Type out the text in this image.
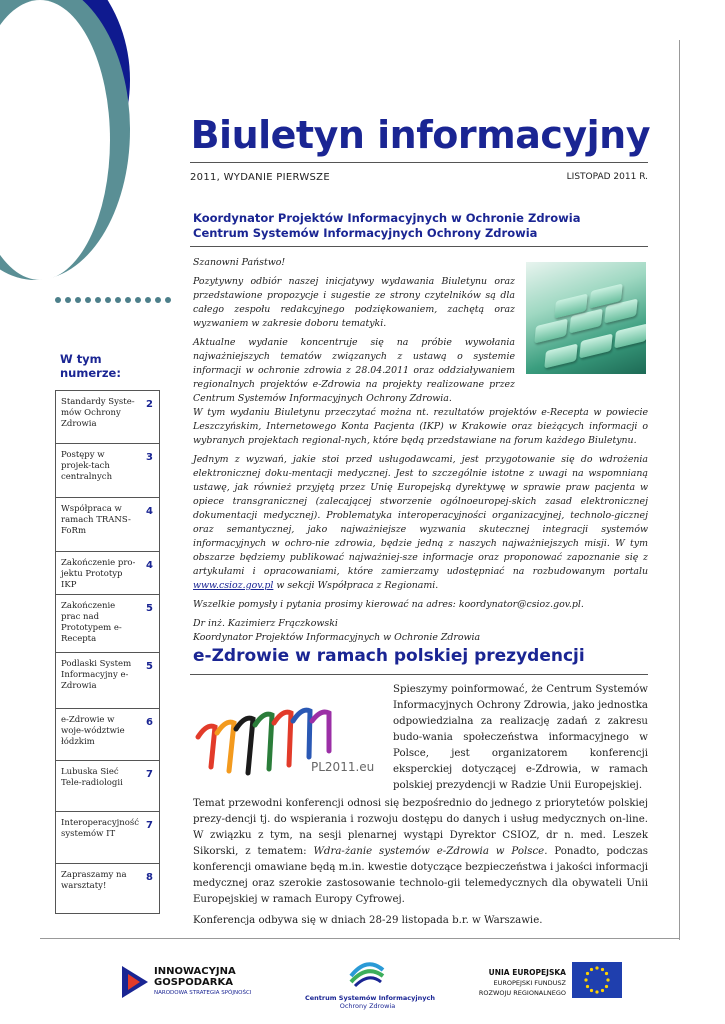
Biuletyn informacyjny
2011, WYDANIE PIERWSZE	LISTOPAD 2011 R.
Koordynator Projektów Informacyjnych w Ochronie Zdrowia
Centrum Systemów Informacyjnych Ochrony Zdrowia
W tym
numerze:
Standardy Syste-mów Ochrony Zdrowia
2
Postępy w projek-tach centralnych
3
Współpraca w ramach TRANS-FoRm
4
Zakończenie pro-jektu Prototyp IKP
4
Zakończenie prac nad Prototypem e-Recepta
5
Podlaski System Informacyjny e-Zdrowia
5
e-Zdrowie w woje-wództwie łódzkim
6
Lubuska Sieć Tele-radiologii
7
Interoperacyjność systemów IT
7
Zapraszamy na warsztaty!
8

Szanowni Państwo!

Pozytywny odbiór naszej inicjatywy wydawania Biuletynu oraz przedstawione propozycje i sugestie ze strony czytelników są dla całego zespołu redakcyjnego podziękowaniem, zachętą oraz wyzwaniem w zakresie doboru tematyki.

Aktualne wydanie koncentruje się na próbie wywołania najważniejszych tematów związanych z ustawą o systemie informacji w ochronie zdrowia z 28.04.2011 oraz oddziaływaniem regionalnych projektów e-Zdrowia na projekty realizowane przez Centrum Systemów Informacyjnych Ochrony Zdrowia.

W tym wydaniu Biuletynu przeczytać można nt. rezultatów projektów e-Recepta w powiecie Leszczyńskim, Internetowego Konta Pacjenta (IKP) w Krakowie oraz bieżących informacji o wybranych projektach regional-nych, które będą przedstawiane na forum każdego Biuletynu.

Jednym z wyzwań, jakie stoi przed usługodawcami, jest przygotowanie się do wdrożenia elektronicznej doku-mentacji medycznej. Jest to szczególnie istotne z uwagi na wspomnianą ustawę, jak również przyjętą przez Unię Europejską dyrektywę w sprawie praw pacjenta w opiece transgranicznej (zalecającej stworzenie ogólnoeuropej-skich zasad elektronicznej dokumentacji medycznej). Problematyka interoperacyjności organizacyjnej, technolo-gicznej oraz semantycznej, jako najważniejsze wyzwania skutecznej integracji systemów informacyjnych w ochro-nie zdrowia, będzie jedną z naszych najważniejszych misji. W tym obszarze będziemy publikować najważniej-sze informacje oraz proponować zapoznanie się z artykułami i opracowaniami, które zamierzamy udostępniać na rozbudowanym portalu www.csioz.gov.pl w sekcji Współpraca z Regionami.

Wszelkie pomysły i pytania prosimy kierować na adres: koordynator@csioz.gov.pl.

Dr inż. Kazimierz Frączkowski

Koordynator Projektów Informacyjnych w Ochronie Zdrowia

e-Zdrowie w ramach polskiej prezydencji
PL2011.eu
Spieszymy poinformować, że Centrum Systemów Informacyjnych Ochrony Zdrowia, jako jednostka odpowiedzialna za realizację zadań z zakresu budo-wania społeczeństwa informacyjnego w Polsce, jest organizatorem konferencji eksperckiej dotyczącej e-Zdrowia, w ramach polskiej prezydencji w Radzie Unii Europejskiej.

Temat przewodni konferencji odnosi się bezpośrednio do jednego z priorytetów polskiej prezy-dencji tj. do wspierania i rozwoju dostępu do danych i usług medycznych on-line. W związku z tym, na sesji plenarnej wystąpi Dyrektor CSIOZ, dr n. med. Leszek Sikorski, z tematem: Wdra-żanie systemów e-Zdrowia w Polsce. Ponadto, podczas konferencji omawiane będą m.in. kwestie dotyczące bezpieczeństwa i jakości informacji medycznej oraz szerokie zastosowanie technolo-gii telemedycznych dla obywateli Unii Europejskiej w ramach Europy Cyfrowej.

Konferencja odbywa się w dniach 28-29 listopada b.r. w Warszawie.

INNOWACYJNA
GOSPODARKA
NARODOWA STRATEGIA SPÓJNOŚCI
Centrum Systemów Informacyjnych
Ochrony Zdrowia
UNIA EUROPEJSKA
EUROPEJSKI FUNDUSZ
ROZWOJU REGIONALNEGO
